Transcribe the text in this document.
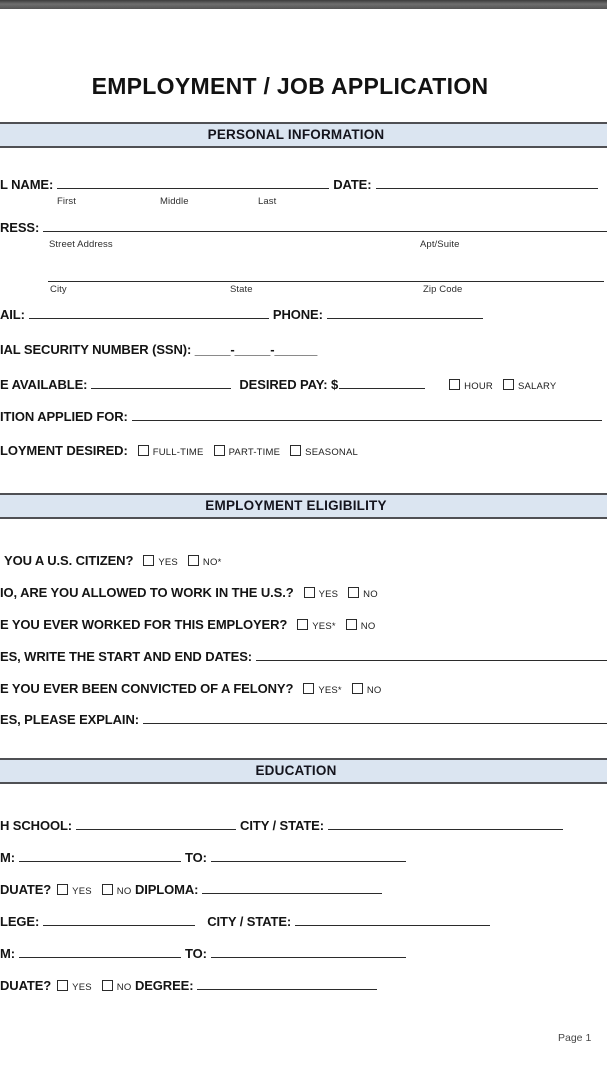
EMPLOYMENT / JOB APPLICATION
PERSONAL INFORMATION
L NAME:	DATE:
First	Middle	Last
RESS:
Street Address	Apt/Suite
City	State	Zip Code
AIL:	PHONE:
IAL SECURITY NUMBER (SSN): _____-_____-______
E AVAILABLE:	DESIRED PAY: $	HOUR	SALARY
ITION APPLIED FOR:
LOYMENT DESIRED:	FULL-TIME	PART-TIME	SEASONAL
EMPLOYMENT ELIGIBILITY
YOU A U.S. CITIZEN?	YES	NO*
IO, ARE YOU ALLOWED TO WORK IN THE U.S.?	YES	NO
E YOU EVER WORKED FOR THIS EMPLOYER?	YES*	NO
ES, WRITE THE START AND END DATES:
E YOU EVER BEEN CONVICTED OF A FELONY?	YES*	NO
ES, PLEASE EXPLAIN:
EDUCATION
H SCHOOL:	CITY / STATE:
M:	TO:
DUATE? YES	NO DIPLOMA:
LEGE:	CITY / STATE:
M:	TO:
DUATE? YES	NO DEGREE:
Page 1
